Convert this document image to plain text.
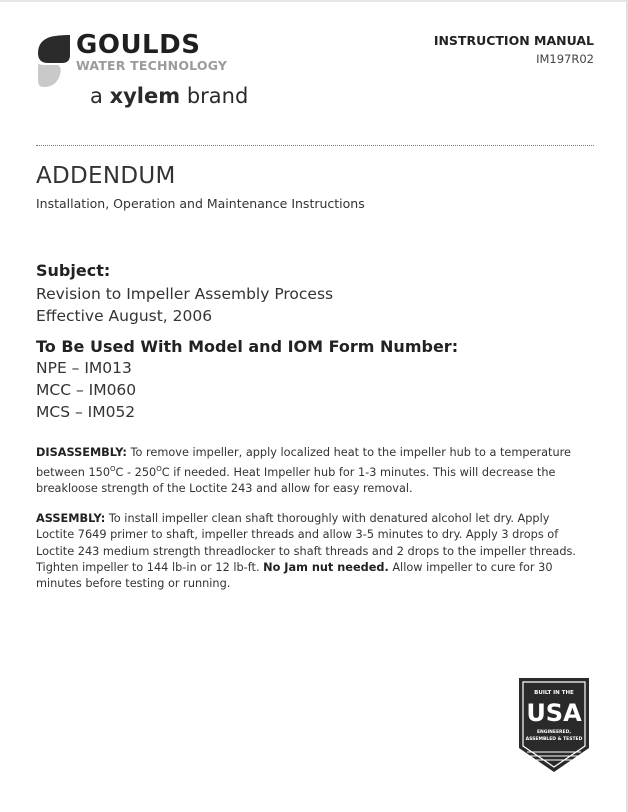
GOULDS
WATER TECHNOLOGY
a xylem brand
INSTRUCTION MANUAL
IM197R02
ADDENDUM
Installation, Operation and Maintenance Instructions
Subject:
Revision to Impeller Assembly Process
Effective August, 2006
To Be Used With Model and IOM Form Number:
NPE – IM013
MCC – IM060
MCS – IM052
DISASSEMBLY: To remove impeller, apply localized heat to the impeller hub to a temperature between $150^OC - 250^OC$ if needed. Heat Impeller hub for 1-3 minutes. This will decrease the breakloose strength of the Loctite 243 and allow for easy removal.
ASSEMBLY: To install impeller clean shaft thoroughly with denatured alcohol let dry. Apply Loctite 7649 primer to shaft, impeller threads and allow 3-5 minutes to dry. Apply 3 drops of Loctite 243 medium strength threadlocker to shaft threads and 2 drops to the impeller threads. Tighten impeller to 144 lb-in or 12 lb-ft. No Jam nut needed. Allow impeller to cure for 30 minutes before testing or running.
BUILT IN THE
USA
ENGINEERED,
ASSEMBLED & TESTED
